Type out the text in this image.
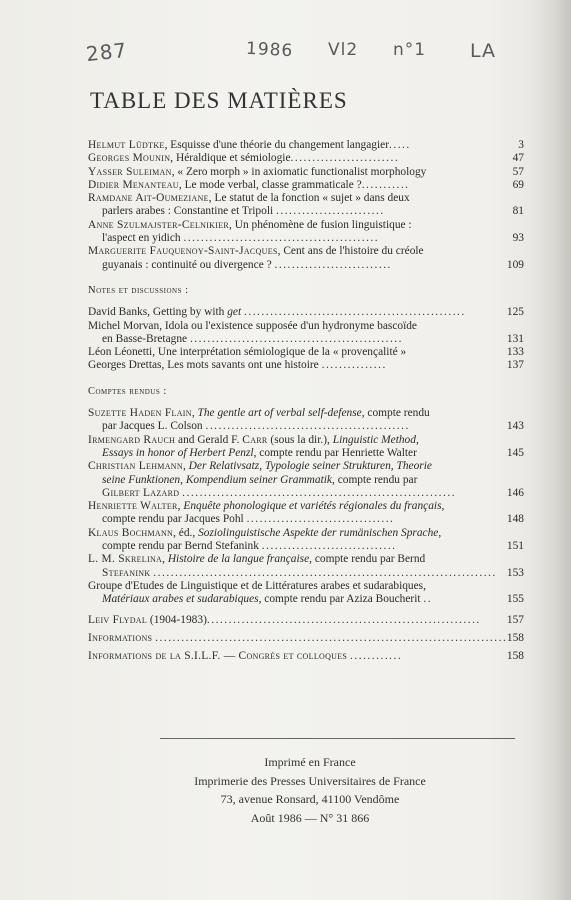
287	1986 Vl2 n°1 LA
TABLE DES MATIÈRES
Helmut Lüdtke, Esquisse d'une théorie du changement langagier.....	3
Georges Mounin, Héraldique et sémiologie.........................	47
Yasser Suleiman, « Zero morph » in axiomatic functionalist morphology	57
Didier Menanteau, Le mode verbal, classe grammaticale ?...........	69
Ramdane Ait-Oumeziane, Le statut de la fonction « sujet » dans deux
parlers arabes : Constantine et Tripoli .........................	81
Anne Szulmajster-Celnikier, Un phénomène de fusion linguistique :
l'aspect en yidich .............................................	93
Marguerite Fauquenoy-Saint-Jacques, Cent ans de l'histoire du créole
guyanais : continuité ou divergence ? ...........................	109
Notes et discussions :
David Banks, Getting by with get ...................................................	125
Michel Morvan, Idola ou l'existence supposée d'un hydronyme bascoïde
en Basse-Bretagne .................................................	131
Léon Léonetti, Une interprétation sémiologique de la « provençalité »	133
Georges Drettas, Les mots savants ont une histoire ...............	137
Comptes rendus :
Suzette Haden Flain, The gentle art of verbal self-defense, compte rendu
par Jacques L. Colson ...............................................	143
Irmengard Rauch and Gerald F. Carr (sous la dir.), Linguistic Method,
Essays in honor of Herbert Penzl, compte rendu par Henriette Walter	145
Christian Lehmann, Der Relativsatz, Typologie seiner Strukturen, Theorie
seine Funktionen, Kompendium seiner Grammatik, compte rendu par
Gilbert Lazard ...............................................................	146
Henriette Walter, Enquête phonologique et variétés régionales du français,
compte rendu par Jacques Pohl ..................................	148
Klaus Bochmann, éd., Soziolinguistische Aspekte der rumänischen Sprache,
compte rendu par Bernd Stefanink ...............................	151
L. M. Skrelina, Histoire de la langue française, compte rendu par Bernd
Stefanink ............................................................................... 153
Groupe d'Etudes de Linguistique et de Littératures arabes et sudarabiques,
Matériaux arabes et sudarabiques, compte rendu par Aziza Boucherit ..	155
Leiv Flydal (1904-1983)...............................................................	157
Informations ................................................................................. 158
Informations de la S.I.L.F. — Congrès et colloques ............	158
Imprimé en France
Imprimerie des Presses Universitaires de France
73, avenue Ronsard, 41100 Vendôme
Août 1986 — N° 31 866
